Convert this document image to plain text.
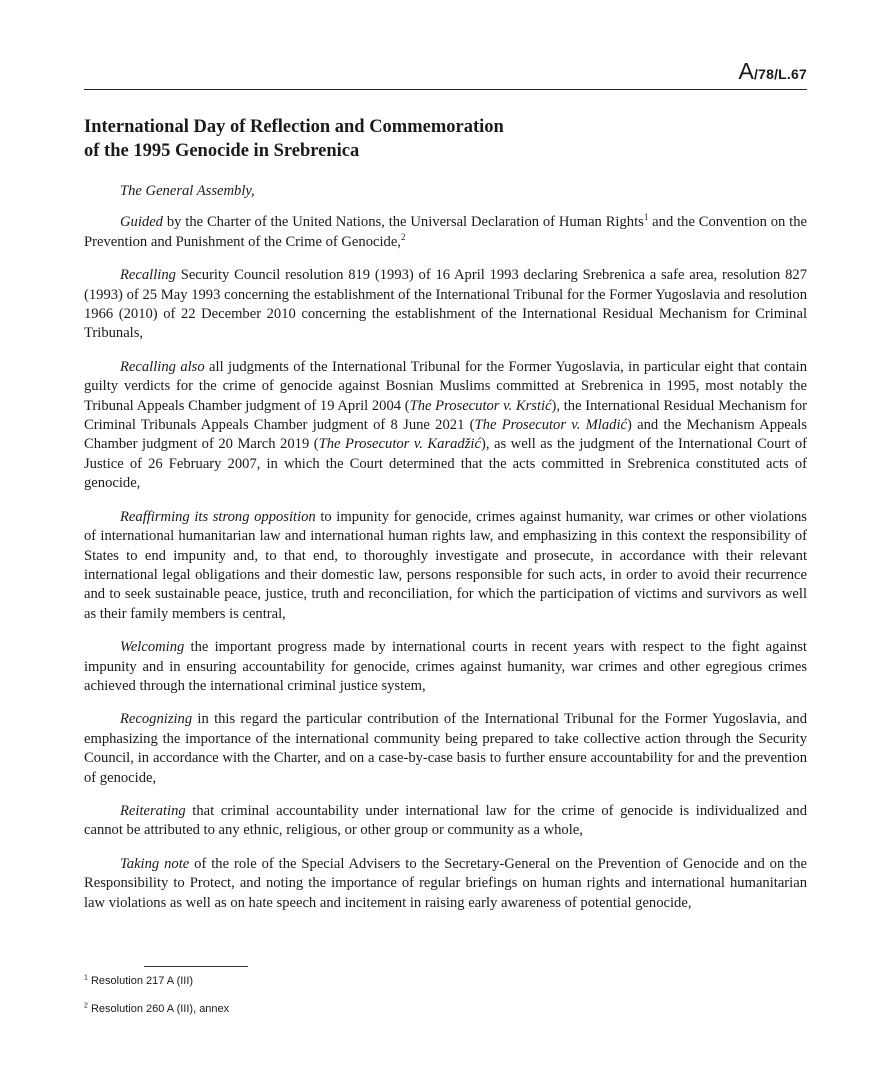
A/78/L.67
International Day of Reflection and Commemoration
of the 1995 Genocide in Srebrenica

The General Assembly,

Guided by the Charter of the United Nations, the Universal Declaration of Human Rights$^1$ and the Convention on the Prevention and Punishment of the Crime of Genocide,$^2$

Recalling Security Council resolution 819 (1993) of 16 April 1993 declaring Srebrenica a safe area, resolution 827 (1993) of 25 May 1993 concerning the establishment of the International Tribunal for the Former Yugoslavia and resolution 1966 (2010) of 22 December 2010 concerning the establishment of the International Residual Mechanism for Criminal Tribunals,

Recalling also all judgments of the International Tribunal for the Former Yugoslavia, in particular eight that contain guilty verdicts for the crime of genocide against Bosnian Muslims committed at Srebrenica in 1995, most notably the Tribunal Appeals Chamber judgment of 19 April 2004 (The Prosecutor v. Krstić), the International Residual Mechanism for Criminal Tribunals Appeals Chamber judgment of 8 June 2021 (The Prosecutor v. Mladić) and the Mechanism Appeals Chamber judgment of 20 March 2019 (The Prosecutor v. Karadžić), as well as the judgment of the International Court of Justice of 26 February 2007, in which the Court determined that the acts committed in Srebrenica constituted acts of genocide,

Reaffirming its strong opposition to impunity for genocide, crimes against humanity, war crimes or other violations of international humanitarian law and international human rights law, and emphasizing in this context the responsibility of States to end impunity and, to that end, to thoroughly investigate and prosecute, in accordance with their relevant international legal obligations and their domestic law, persons responsible for such acts, in order to avoid their recurrence and to seek sustainable peace, justice, truth and reconciliation, for which the participation of victims and survivors as well as their family members is central,

Welcoming the important progress made by international courts in recent years with respect to the fight against impunity and in ensuring accountability for genocide, crimes against humanity, war crimes and other egregious crimes achieved through the international criminal justice system,

Recognizing in this regard the particular contribution of the International Tribunal for the Former Yugoslavia, and emphasizing the importance of the international community being prepared to take collective action through the Security Council, in accordance with the Charter, and on a case-by-case basis to further ensure accountability for and the prevention of genocide,

Reiterating that criminal accountability under international law for the crime of genocide is individualized and cannot be attributed to any ethnic, religious, or other group or community as a whole,

Taking note of the role of the Special Advisers to the Secretary-General on the Prevention of Genocide and on the Responsibility to Protect, and noting the importance of regular briefings on human rights and international humanitarian law violations as well as on hate speech and incitement in raising early awareness of potential genocide,

$^1$ Resolution 217 A (III)
$^2$ Resolution 260 A (III), annex
